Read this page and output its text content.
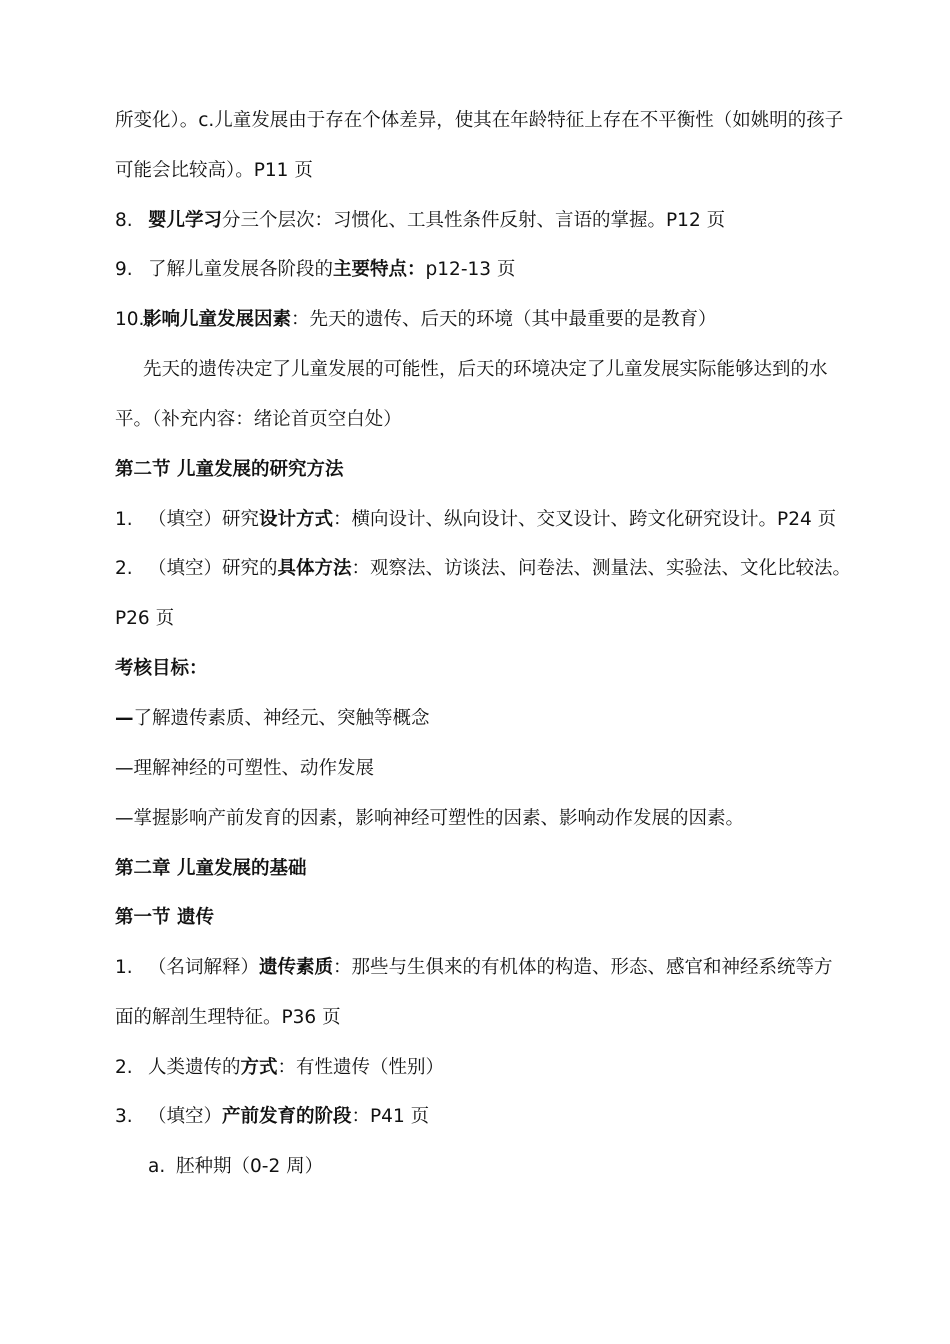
所变化）。c.儿童发展由于存在个体差异，使其在年龄特征上存在不平衡性（如姚明的孩子
可能会比较高）。P11 页
8. 婴儿学习分三个层次：习惯化、工具性条件反射、言语的掌握。P12 页
9. 了解儿童发展各阶段的主要特点：p12-13 页
10.影响儿童发展因素：先天的遗传、后天的环境（其中最重要的是教育）
先天的遗传决定了儿童发展的可能性，后天的环境决定了儿童发展实际能够达到的水
平。（补充内容：绪论首页空白处）
第二节 儿童发展的研究方法
1. （填空）研究设计方式：横向设计、纵向设计、交叉设计、跨文化研究设计。P24 页
2. （填空）研究的具体方法：观察法、访谈法、问卷法、测量法、实验法、文化比较法。
P26 页
考核目标：
—了解遗传素质、神经元、突触等概念
—理解神经的可塑性、动作发展
—掌握影响产前发育的因素，影响神经可塑性的因素、影响动作发展的因素。
第二章 儿童发展的基础
第一节 遗传
1. （名词解释）遗传素质：那些与生俱来的有机体的构造、形态、感官和神经系统等方
面的解剖生理特征。P36 页
2. 人类遗传的方式：有性遗传（性别）
3. （填空）产前发育的阶段：P41 页
a. 胚种期（0-2 周）
